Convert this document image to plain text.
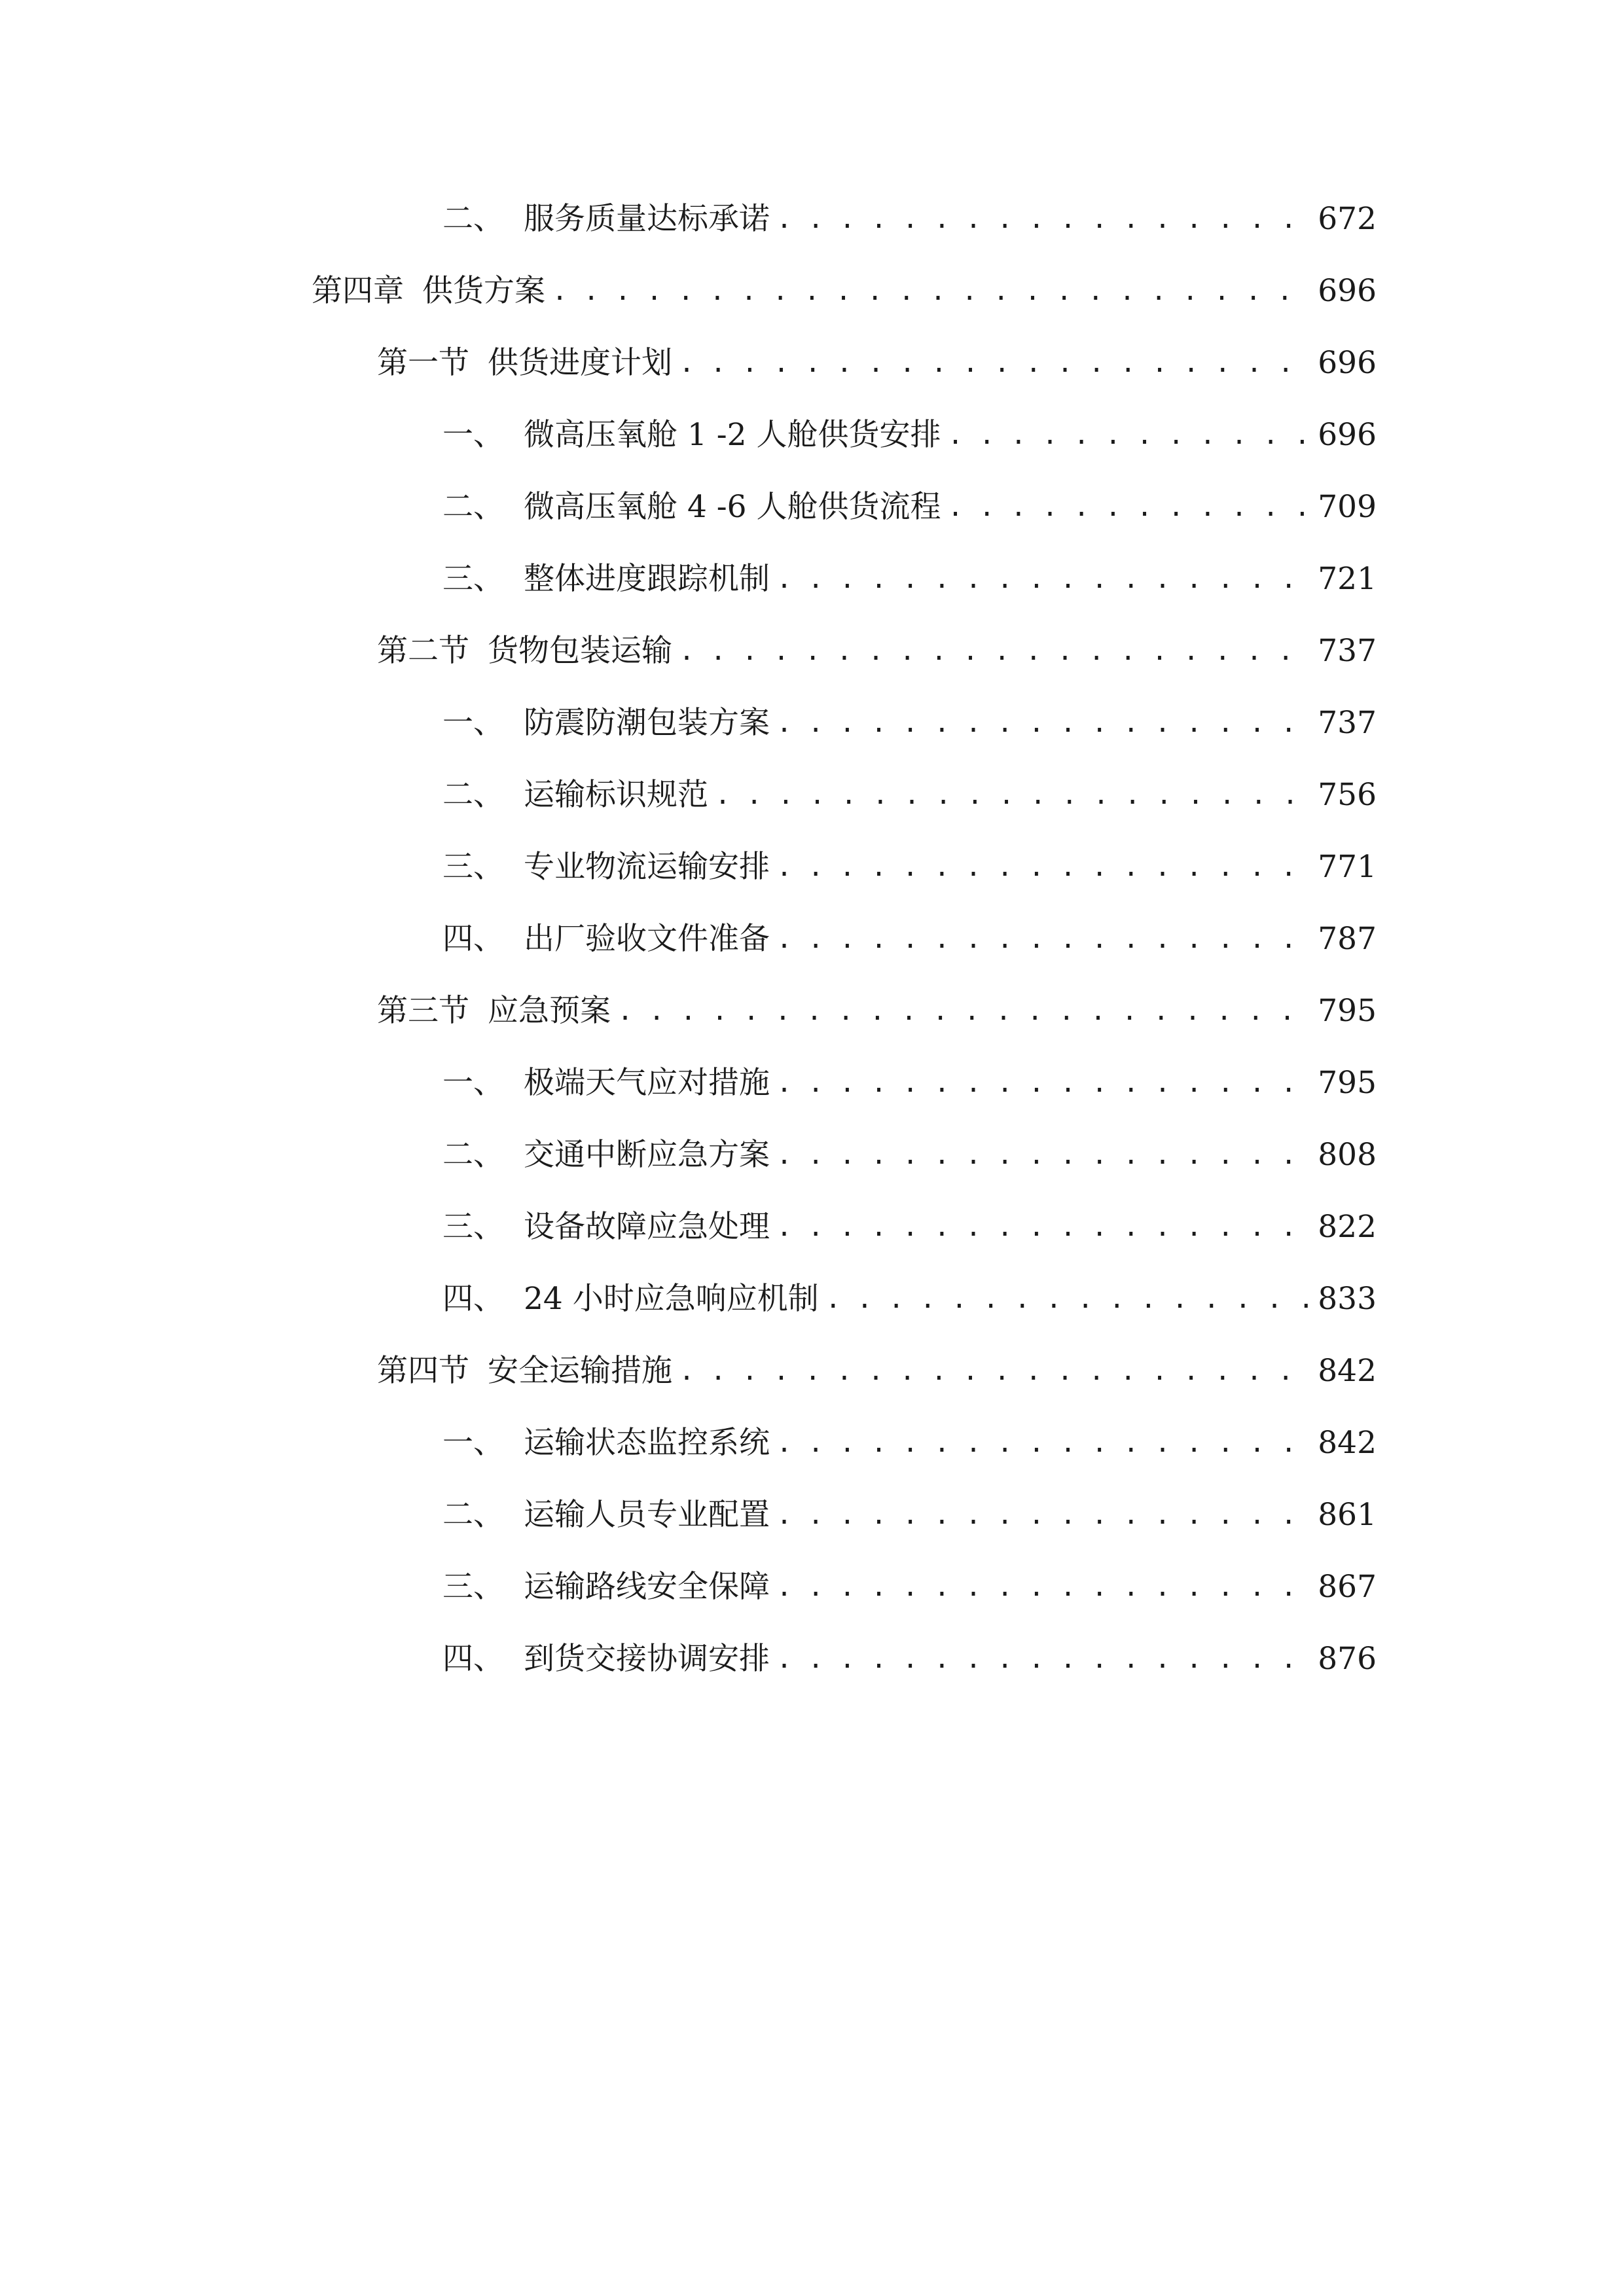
二、 服务质量达标承诺 . . .	672
第四章 供货方案 . . .	696
第一节 供货进度计划 . . .	696
一、 微高压氧舱 1 -2 人舱供货安排 . . .	696
二、 微高压氧舱 4 -6 人舱供货流程 . . .	709
三、 整体进度跟踪机制 . . .	721
第二节 货物包装运输 . . .	737
一、 防震防潮包装方案 . . .	737
二、 运输标识规范 . . .	756
三、 专业物流运输安排 . . .	771
四、 出厂验收文件准备 . . .	787
第三节 应急预案 . . .	795
一、 极端天气应对措施 . . .	795
二、 交通中断应急方案 . . .	808
三、 设备故障应急处理 . . .	822
四、 24 小时应急响应机制 . . .	833
第四节 安全运输措施 . . .	842
一、 运输状态监控系统 . . .	842
二、 运输人员专业配置 . . .	861
三、 运输路线安全保障 . . .	867
四、 到货交接协调安排 . . .	876
